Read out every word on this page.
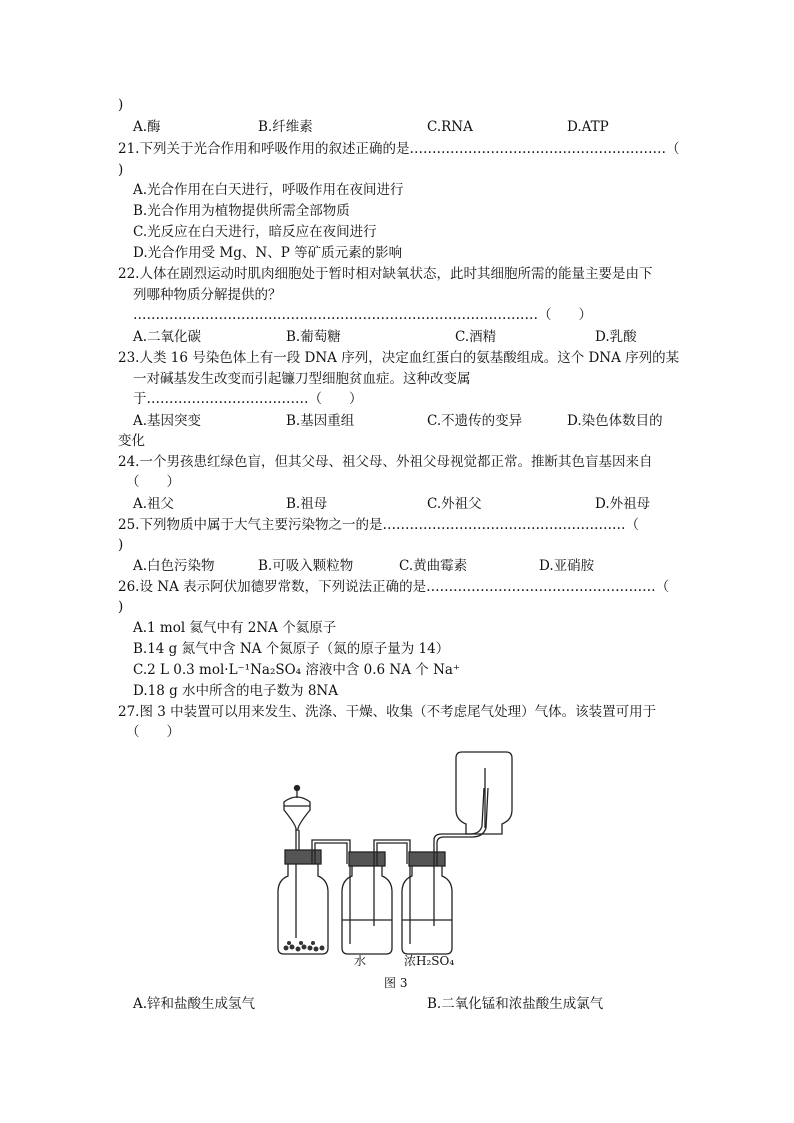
)
A.酶	B.纤维素	C.RNA	D.ATP
21.下列关于光合作用和呼吸作用的叙述正确的是…………………………………………………（
)
A.光合作用在白天进行，呼吸作用在夜间进行
B.光合作用为植物提供所需全部物质
C.光反应在白天进行，暗反应在夜间进行
D.光合作用受 Mg、N、P 等矿质元素的影响
22.人体在剧烈运动时肌肉细胞处于暂时相对缺氧状态，此时其细胞所需的能量主要是由下
列哪种物质分解提供的？
………………………………………………………………………………（　　）
A.二氧化碳	B.葡萄糖	C.酒精	D.乳酸
23.人类 16 号染色体上有一段 DNA 序列，决定血红蛋白的氨基酸组成。这个 DNA 序列的某
一对碱基发生改变而引起镰刀型细胞贫血症。这种改变属
于………………………………（　　）
A.基因突变	B.基因重组	C.不遗传的变异	D.染色体数目的
变化
24.一个男孩患红绿色盲，但其父母、祖父母、外祖父母视觉都正常。推断其色盲基因来自
（　　）
A.祖父	B.祖母	C.外祖父	D.外祖母
25.下列物质中属于大气主要污染物之一的是………………………………………………（
)
A.白色污染物	B.可吸入颗粒物	C.黄曲霉素	D.亚硝胺
26.设 NA 表示阿伏加德罗常数，下列说法正确的是……………………………………………（
)
A.1 mol 氦气中有 2NA 个氦原子
B.14 g 氮气中含 NA 个氮原子（氮的原子量为 14）
C.2 L 0.3 mol·L⁻¹Na₂SO₄ 溶液中含 0.6 NA 个 Na⁺
D.18 g 水中所含的电子数为 8NA
27.图 3 中装置可以用来发生、洗涤、干燥、收集（不考虑尾气处理）气体。该装置可用于
（　　）
水	浓H₂SO₄
图 3
A.锌和盐酸生成氢气	B.二氧化锰和浓盐酸生成氯气
